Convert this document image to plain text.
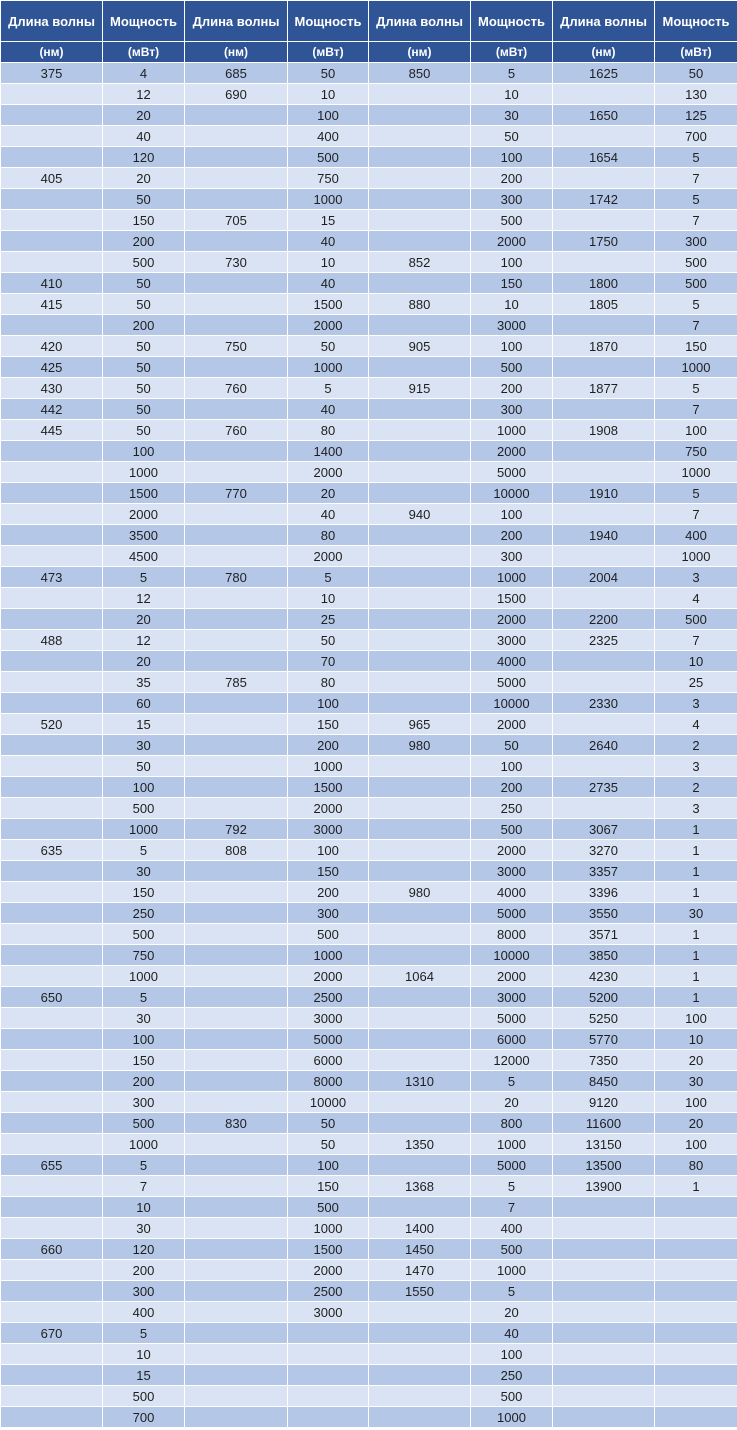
Длина волны	Мощность	Длина волны	Мощность	Длина волны	Мощность	Длина волны	Мощность
(нм)	(мВт)	(нм)	(мВт)	(нм)	(мВт)	(нм)	(мВт)
375	4	685	50	850	5	1625	50
	12	690	10		10		130
	20		100		30	1650	125
	40		400		50		700
	120		500		100	1654	5
405	20		750		200		7
	50		1000		300	1742	5
	150	705	15		500		7
	200		40		2000	1750	300
	500	730	10	852	100		500
410	50		40		150	1800	500
415	50		1500	880	10	1805	5
	200		2000		3000		7
420	50	750	50	905	100	1870	150
425	50		1000		500		1000
430	50	760	5	915	200	1877	5
442	50		40		300		7
445	50	760	80		1000	1908	100
	100		1400		2000		750
	1000		2000		5000		1000
	1500	770	20		10000	1910	5
	2000		40	940	100		7
	3500		80		200	1940	400
	4500		2000		300		1000
473	5	780	5		1000	2004	3
	12		10		1500		4
	20		25		2000	2200	500
488	12		50		3000	2325	7
	20		70		4000		10
	35	785	80		5000		25
	60		100		10000	2330	3
520	15		150	965	2000		4
	30		200	980	50	2640	2
	50		1000		100		3
	100		1500		200	2735	2
	500		2000		250		3
	1000	792	3000		500	3067	1
635	5	808	100		2000	3270	1
	30		150		3000	3357	1
	150		200	980	4000	3396	1
	250		300		5000	3550	30
	500		500		8000	3571	1
	750		1000		10000	3850	1
	1000		2000	1064	2000	4230	1
650	5		2500		3000	5200	1
	30		3000		5000	5250	100
	100		5000		6000	5770	10
	150		6000		12000	7350	20
	200		8000	1310	5	8450	30
	300		10000		20	9120	100
	500	830	50		800	11600	20
	1000		50	1350	1000	13150	100
655	5		100		5000	13500	80
	7		150	1368	5	13900	1
	10		500		7		
	30		1000	1400	400		
660	120		1500	1450	500		
	200		2000	1470	1000		
	300		2500	1550	5		
	400		3000		20		
670	5				40		
	10				100		
	15				250		
	500				500		
	700				1000		
